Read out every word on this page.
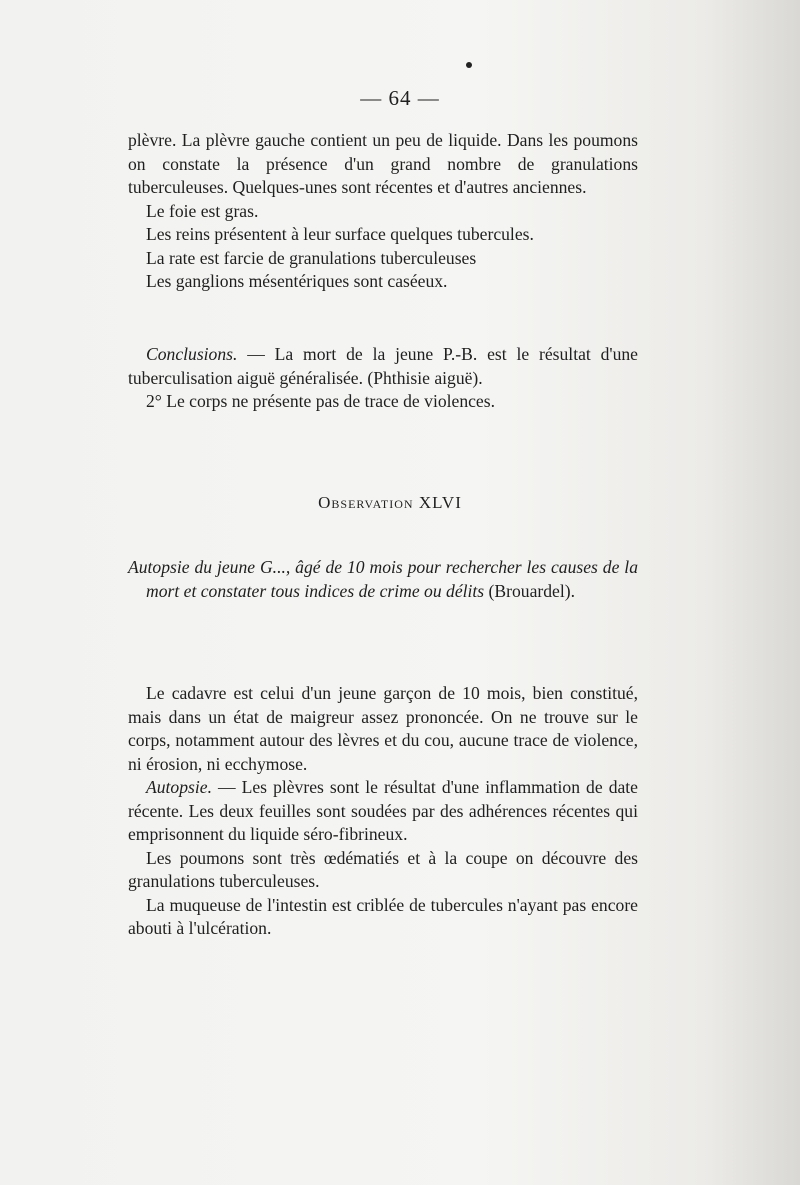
— 64 —

plèvre. La plèvre gauche contient un peu de liquide. Dans les poumons on constate la présence d'un grand nombre de granulations tuberculeuses. Quelques-unes sont récentes et d'autres anciennes.

Le foie est gras.

Les reins présentent à leur surface quelques tubercules.

La rate est farcie de granulations tuberculeuses

Les ganglions mésentériques sont caséeux.

Conclusions. — La mort de la jeune P.-B. est le résultat d'une tuberculisation aiguë généralisée. (Phthisie aiguë).

2° Le corps ne présente pas de trace de violences.

Observation XLVI

Autopsie du jeune G..., âgé de 10 mois pour rechercher les causes de la mort et constater tous indices de crime ou délits (Brouardel).

Le cadavre est celui d'un jeune garçon de 10 mois, bien constitué, mais dans un état de maigreur assez prononcée. On ne trouve sur le corps, notamment autour des lèvres et du cou, aucune trace de violence, ni érosion, ni ecchymose.

Autopsie. — Les plèvres sont le résultat d'une inflammation de date récente. Les deux feuilles sont soudées par des adhérences récentes qui emprisonnent du liquide séro-fibrineux.

Les poumons sont très œdématiés et à la coupe on découvre des granulations tuberculeuses.

La muqueuse de l'intestin est criblée de tubercules n'ayant pas encore abouti à l'ulcération.
